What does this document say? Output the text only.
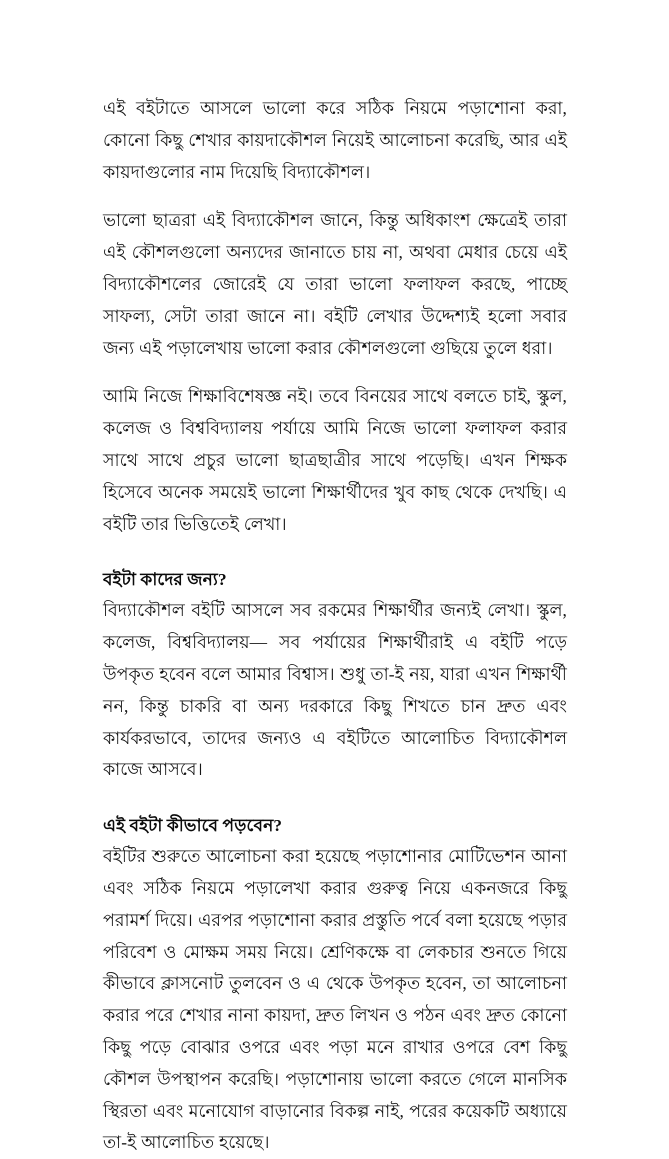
এই বইটাতে আসলে ভালো করে সঠিক নিয়মে পড়াশোনা করা, কোনো কিছু শেখার কায়দাকৌশল নিয়েই আলোচনা করেছি, আর এই কায়দাগুলোর নাম দিয়েছি বিদ্যাকৌশল।

ভালো ছাত্ররা এই বিদ্যাকৌশল জানে, কিন্তু অধিকাংশ ক্ষেত্রেই তারা এই কৌশলগুলো অন্যদের জানাতে চায় না, অথবা মেধার চেয়ে এই বিদ্যাকৌশলের জোরেই যে তারা ভালো ফলাফল করছে, পাচ্ছে সাফল্য, সেটা তারা জানে না। বইটি লেখার উদ্দেশ্যই হলো সবার জন্য এই পড়ালেখায় ভালো করার কৌশলগুলো গুছিয়ে তুলে ধরা।

আমি নিজে শিক্ষাবিশেষজ্ঞ নই। তবে বিনয়ের সাথে বলতে চাই, স্কুল, কলেজ ও বিশ্ববিদ্যালয় পর্যায়ে আমি নিজে ভালো ফলাফল করার সাথে সাথে প্রচুর ভালো ছাত্রছাত্রীর সাথে পড়েছি। এখন শিক্ষক হিসেবে অনেক সময়েই ভালো শিক্ষার্থীদের খুব কাছ থেকে দেখছি। এ বইটি তার ভিত্তিতেই লেখা।

বইটা কাদের জন্য?

বিদ্যাকৌশল বইটি আসলে সব রকমের শিক্ষার্থীর জন্যই লেখা। স্কুল, কলেজ, বিশ্ববিদ্যালয়— সব পর্যায়ের শিক্ষার্থীরাই এ বইটি পড়ে উপকৃত হবেন বলে আমার বিশ্বাস। শুধু তা-ই নয়, যারা এখন শিক্ষার্থী নন, কিন্তু চাকরি বা অন্য দরকারে কিছু শিখতে চান দ্রুত এবং কার্যকরভাবে, তাদের জন্যও এ বইটিতে আলোচিত বিদ্যাকৌশল কাজে আসবে।

এই বইটা কীভাবে পড়বেন?

বইটির শুরুতে আলোচনা করা হয়েছে পড়াশোনার মোটিভেশন আনা এবং সঠিক নিয়মে পড়ালেখা করার গুরুত্ব নিয়ে একনজরে কিছু পরামর্শ দিয়ে। এরপর পড়াশোনা করার প্রস্তুতি পর্বে বলা হয়েছে পড়ার পরিবেশ ও মোক্ষম সময় নিয়ে। শ্রেণিকক্ষে বা লেকচার শুনতে গিয়ে কীভাবে ক্লাসনোট তুলবেন ও এ থেকে উপকৃত হবেন, তা আলোচনা করার পরে শেখার নানা কায়দা, দ্রুত লিখন ও পঠন এবং দ্রুত কোনো কিছু পড়ে বোঝার ওপরে এবং পড়া মনে রাখার ওপরে বেশ কিছু কৌশল উপস্থাপন করেছি। পড়াশোনায় ভালো করতে গেলে মানসিক স্থিরতা এবং মনোযোগ বাড়ানোর বিকল্প নাই, পরের কয়েকটি অধ্যায়ে তা-ই আলোচিত হয়েছে।
